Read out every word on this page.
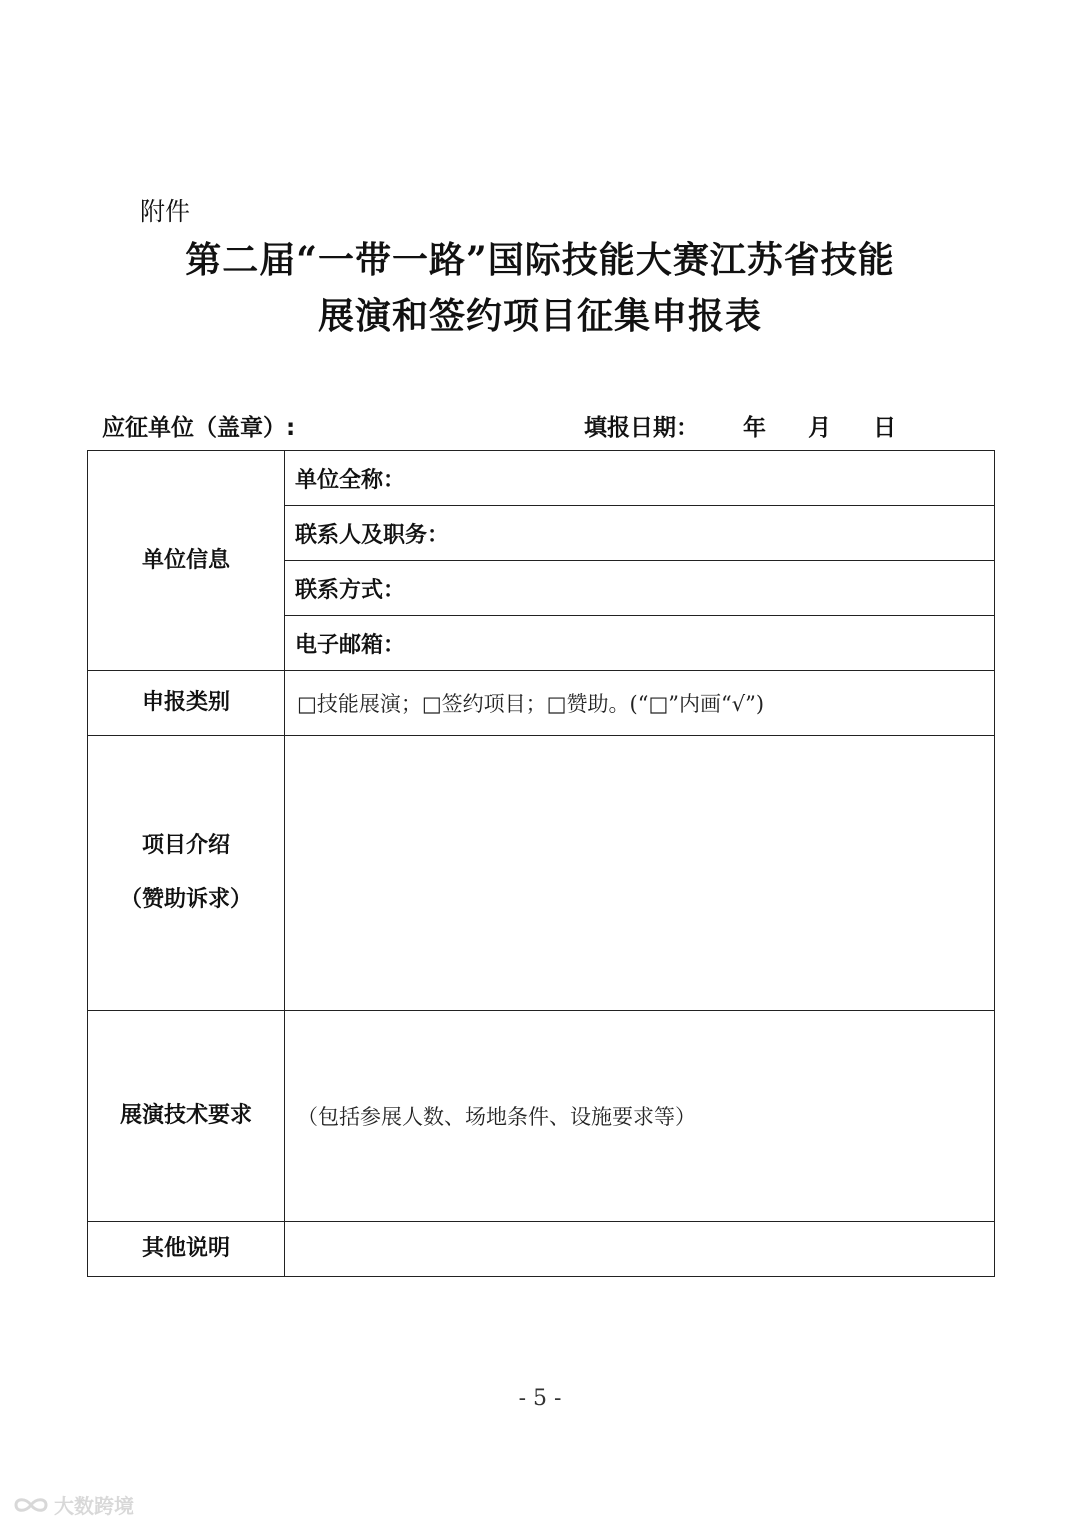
附件
第二届“一带一路”国际技能大赛江苏省技能
展演和签约项目征集申报表
应征单位（盖章）:	填报日期： 年 月 日
单位信息	单位全称：
	联系人及职务：
	联系方式：
	电子邮箱：
申报类别	□技能展演；□签约项目；□赞助。(“□”内画“√”)

项目介绍
（赞助诉求）	

展演技术要求	（包括参展人数、场地条件、设施要求等）
其他说明	
- 5 -
大数跨境
